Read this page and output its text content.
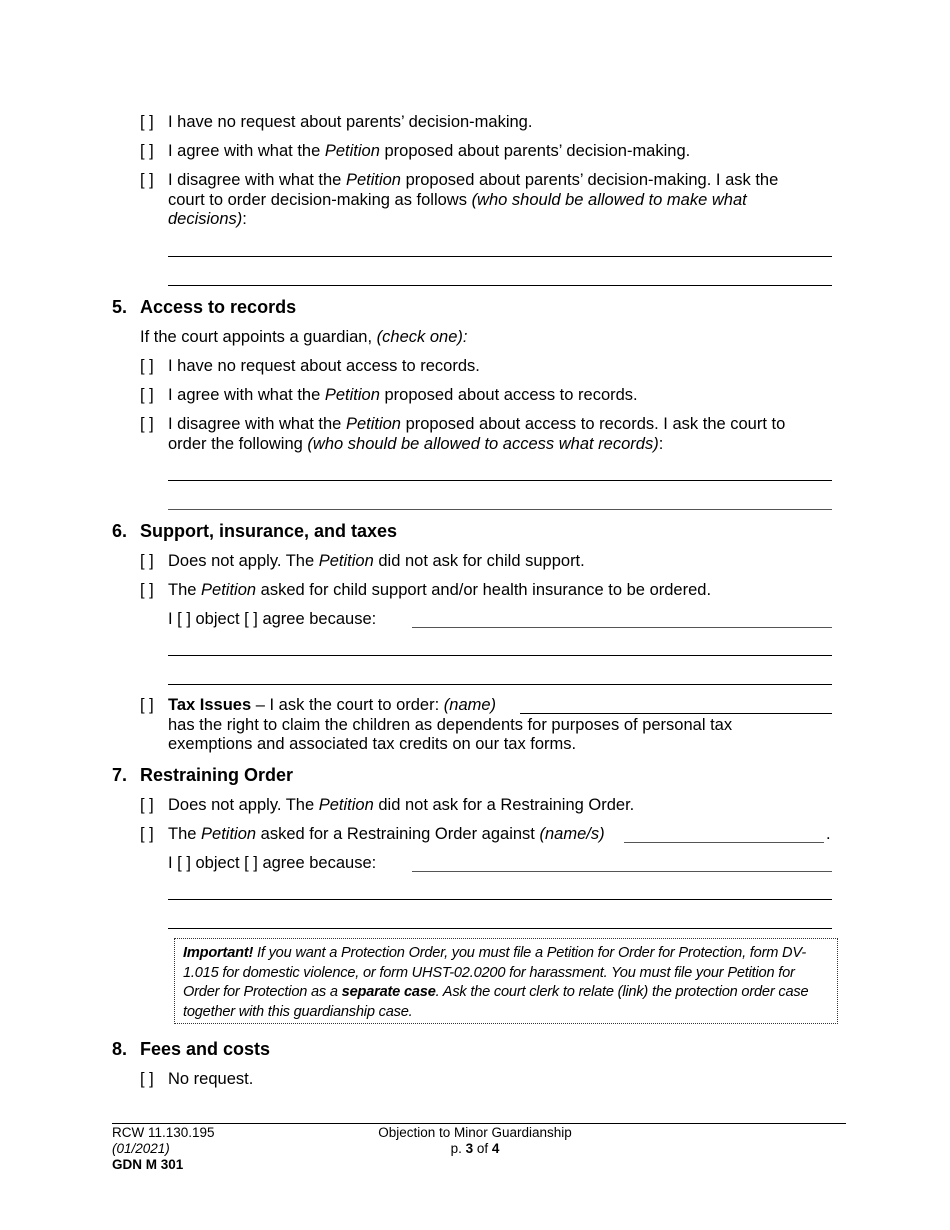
[ ] I have no request about parents’ decision-making.
[ ] I agree with what the Petition proposed about parents’ decision-making.
[ ] I disagree with what the Petition proposed about parents’ decision-making. I ask the
court to order decision-making as follows (who should be allowed to make what
decisions):
5. Access to records
If the court appoints a guardian, (check one):
[ ] I have no request about access to records.
[ ] I agree with what the Petition proposed about access to records.
[ ] I disagree with what the Petition proposed about access to records. I ask the court to
order the following (who should be allowed to access what records):
6. Support, insurance, and taxes
[ ] Does not apply. The Petition did not ask for child support.
[ ] The Petition asked for child support and/or health insurance to be ordered.
I [ ] object [ ] agree because:
[ ] Tax Issues – I ask the court to order: (name)
has the right to claim the children as dependents for purposes of personal tax
exemptions and associated tax credits on our tax forms.
7. Restraining Order
[ ] Does not apply. The Petition did not ask for a Restraining Order.
[ ] The Petition asked for a Restraining Order against (name/s)	.
I [ ] object [ ] agree because:
Important! If you want a Protection Order, you must file a Petition for Order for Protection, form DV-1.015 for domestic violence, or form UHST-02.0200 for harassment. You must file your Petition for Order for Protection as a separate case. Ask the court clerk to relate (link) the protection order case together with this guardianship case.
8. Fees and costs
[ ] No request.
RCW 11.130.195
(01/2021)
GDN M 301
Objection to Minor Guardianship
p. 3 of 4
